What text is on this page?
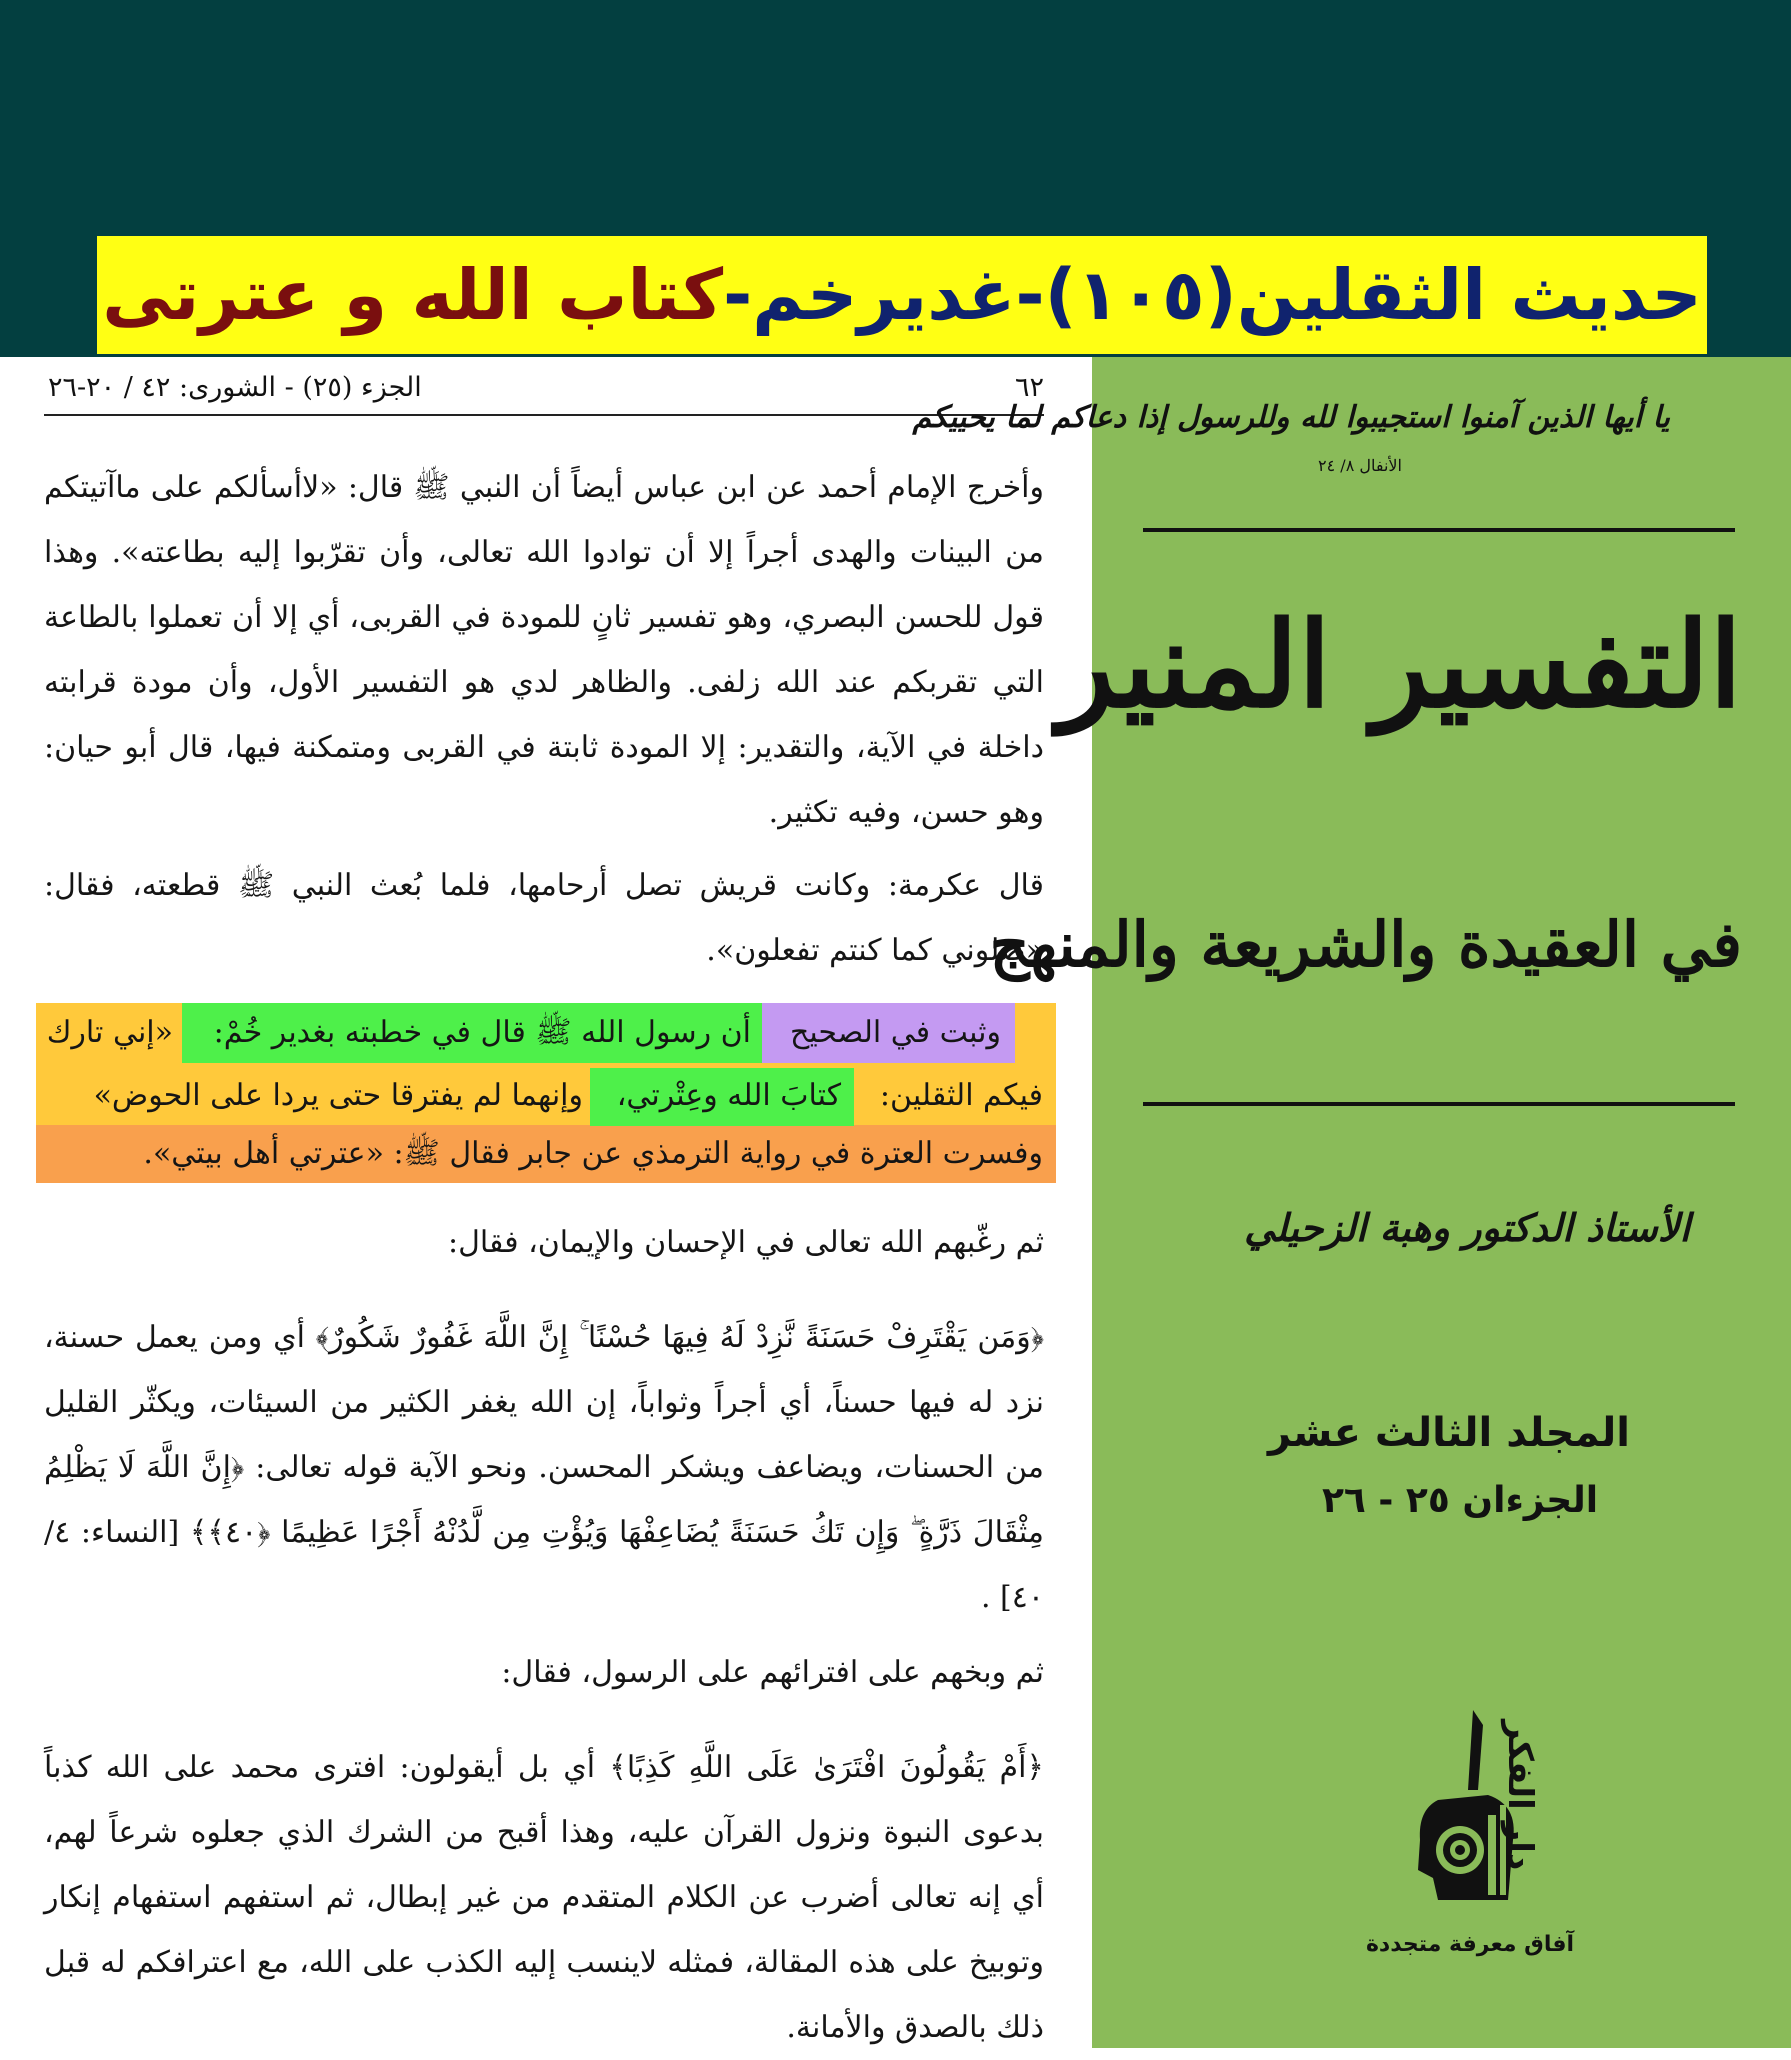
حديث الثقلين(١٠٥)-غديرخم-
كتاب الله و عترتى
٦٢
الجزء (٢٥) - الشورى: ٤٢ / ٢٠-٢٦
وأخرج الإمام أحمد عن ابن عباس أيضاً أن النبي ﷺ قال: «لاأسألكم على ماآتيتكم من البينات والهدى أجراً إلا أن توادوا الله تعالى، وأن تقرّبوا إليه بطاعته». وهذا قول للحسن البصري، وهو تفسير ثانٍ للمودة في القربى، أي إلا أن تعملوا بالطاعة التي تقربكم عند الله زلفى. والظاهر لدي هو التفسير الأول، وأن مودة قرابته داخلة في الآية، والتقدير: إلا المودة ثابتة في القربى ومتمكنة فيها، قال أبو حيان: وهو حسن، وفيه تكثير.
قال عكرمة: وكانت قريش تصل أرحامها، فلما بُعث النبي ﷺ قطعته، فقال: «صلوني كما كنتم تفعلون».
وثبت في الصحيح
أن رسول الله ﷺ قال في خطبته بغدير خُمْ:
«إني تارك
فيكم الثقلين:
كتابَ الله وعِتْرتي،
وإنهما لم يفترقا حتى يردا على الحوض»
وفسرت العترة في رواية الترمذي عن جابر فقال ﷺ: «عترتي أهل بيتي».
ثم رغّبهم الله تعالى في الإحسان والإيمان، فقال:
﴿وَمَن يَقْتَرِفْ حَسَنَةً نَّزِدْ لَهُ فِيهَا حُسْنًا ۚ إِنَّ اللَّهَ غَفُورٌ شَكُورٌ﴾ أي ومن يعمل حسنة، نزد له فيها حسناً، أي أجراً وثواباً، إن الله يغفر الكثير من السيئات، ويكثّر القليل من الحسنات، ويضاعف ويشكر المحسن. ونحو الآية قوله تعالى: ﴿إِنَّ اللَّهَ لَا يَظْلِمُ مِثْقَالَ ذَرَّةٍ ۖ وَإِن تَكُ حَسَنَةً يُضَاعِفْهَا وَيُؤْتِ مِن لَّدُنْهُ أَجْرًا عَظِيمًا ﴿٤٠﴾﴾ [النساء: ٤/ ٤٠] .
ثم وبخهم على افترائهم على الرسول، فقال:
﴿أَمْ يَقُولُونَ افْتَرَىٰ عَلَى اللَّهِ كَذِبًا﴾ أي بل أيقولون: افترى محمد على الله كذباً بدعوى النبوة ونزول القرآن عليه، وهذا أقبح من الشرك الذي جعلوه شرعاً لهم، أي إنه تعالى أضرب عن الكلام المتقدم من غير إبطال، ثم استفهم استفهام إنكار وتوبيخ على هذه المقالة، فمثله لاينسب إليه الكذب على الله، مع اعترافكم له قبل ذلك بالصدق والأمانة.
يا أيها الذين آمنوا استجيبوا لله وللرسول إذا دعاكم لما يحييكم
الأنفال ٨/ ٢٤
التفسير المنير
في العقيدة والشريعة والمنهج
الأستاذ الدكتور وهبة الزحيلي
المجلد الثالث عشر
الجزءان ٢٥ - ٢٦
دار الفكر
آفاق معرفة متجددة
